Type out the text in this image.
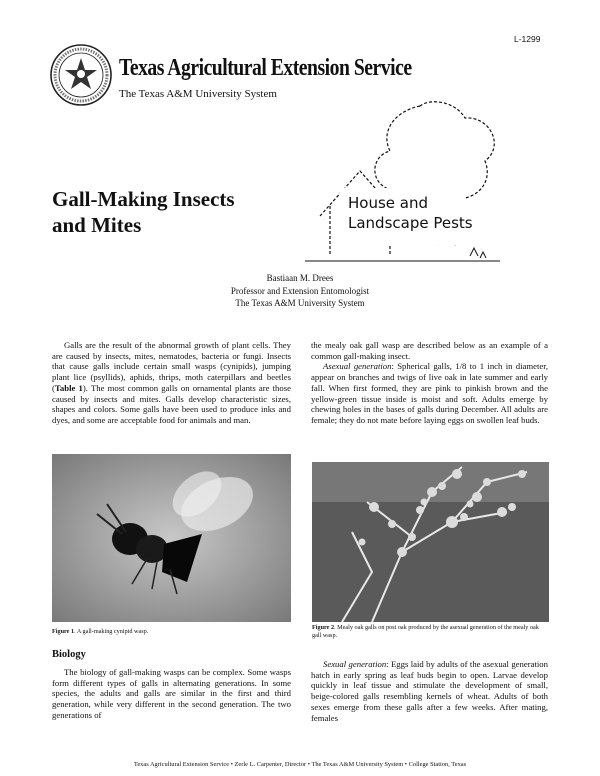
L-1299
Texas Agricultural Extension Service
The Texas A&M University System
House and
Landscape Pests
Gall-Making Insects
and Mites
Bastiaan M. Drees
Professor and Extension Entomologist
The Texas A&M University System

Galls are the result of the abnormal growth of plant cells. They are caused by insects, mites, nematodes, bacteria or fungi. Insects that cause galls include certain small wasps (cynipids), jumping plant lice (psyllids), aphids, thrips, moth caterpillars and beetles (Table 1). The most common galls on ornamental plants are those caused by insects and mites. Galls develop characteristic sizes, shapes and colors. Some galls have been used to produce inks and dyes, and some are acceptable food for animals and man.

the mealy oak gall wasp are described below as an example of a common gall-making insect.

Asexual generation: Spherical galls, 1/8 to 1 inch in diameter, appear on branches and twigs of live oak in late summer and early fall. When first formed, they are pink to pinkish brown and the yellow-green tissue inside is moist and soft. Adults emerge by chewing holes in the bases of galls during December. All adults are female; they do not mate before laying eggs on swollen leaf buds.

Figure 1. A gall-making cynipid wasp.
Figure 2. Mealy oak galls on post oak produced by the asexual generation of the mealy oak gall wasp.
Biology

The biology of gall-making wasps can be complex. Some wasps form different types of galls in alternating generations. In some species, the adults and galls are similar in the first and third generation, while very different in the second generation. The two generations of

Sexual generation: Eggs laid by adults of the asexual generation hatch in early spring as leaf buds begin to open. Larvae develop quickly in leaf tissue and stimulate the development of small, beige-colored galls resembling kernels of wheat. Adults of both sexes emerge from these galls after a few weeks. After mating, females

Texas Agricultural Extension Service • Zerle L. Carpenter, Director • The Texas A&M University System • College Station, Texas
